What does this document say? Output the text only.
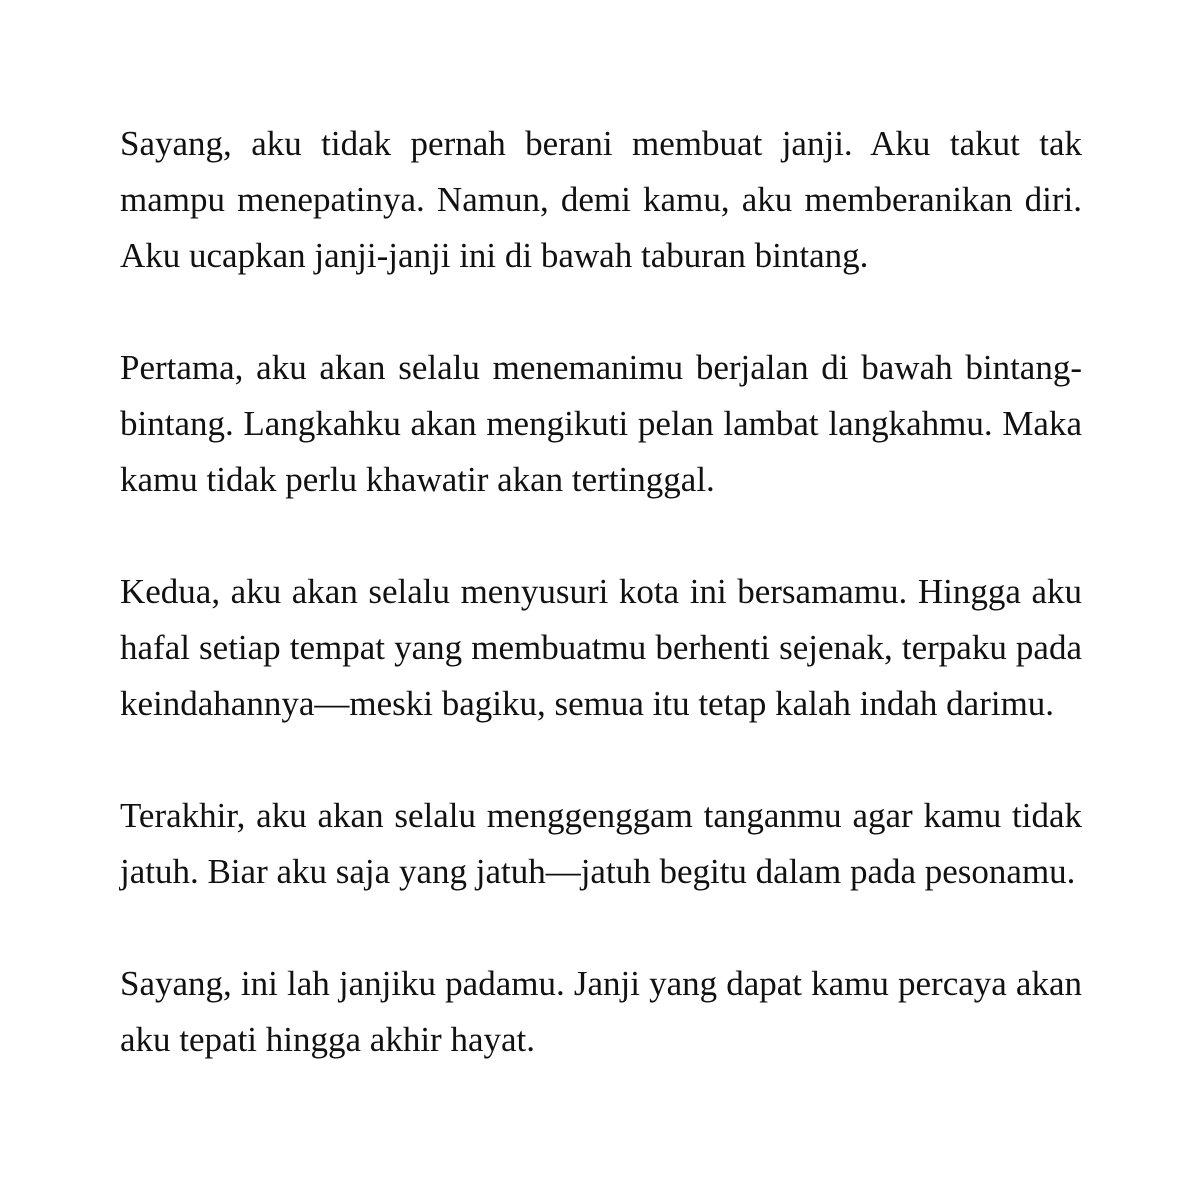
Sayang, aku tidak pernah berani membuat janji. Aku takut tak mampu menepatinya. Namun, demi kamu, aku memberanikan diri. Aku ucapkan janji-janji ini di bawah taburan bintang.

Pertama, aku akan selalu menemanimu berjalan di bawah bintang-bintang. Langkahku akan mengikuti pelan lambat langkahmu. Maka kamu tidak perlu khawatir akan tertinggal.

Kedua, aku akan selalu menyusuri kota ini bersamamu. Hingga aku hafal setiap tempat yang membuatmu berhenti sejenak, terpaku pada keindahannya—meski bagiku, semua itu tetap kalah indah darimu.

Terakhir, aku akan selalu menggenggam tanganmu agar kamu tidak jatuh. Biar aku saja yang jatuh—jatuh begitu dalam pada pesonamu.

Sayang, ini lah janjiku padamu. Janji yang dapat kamu percaya akan aku tepati hingga akhir hayat.
